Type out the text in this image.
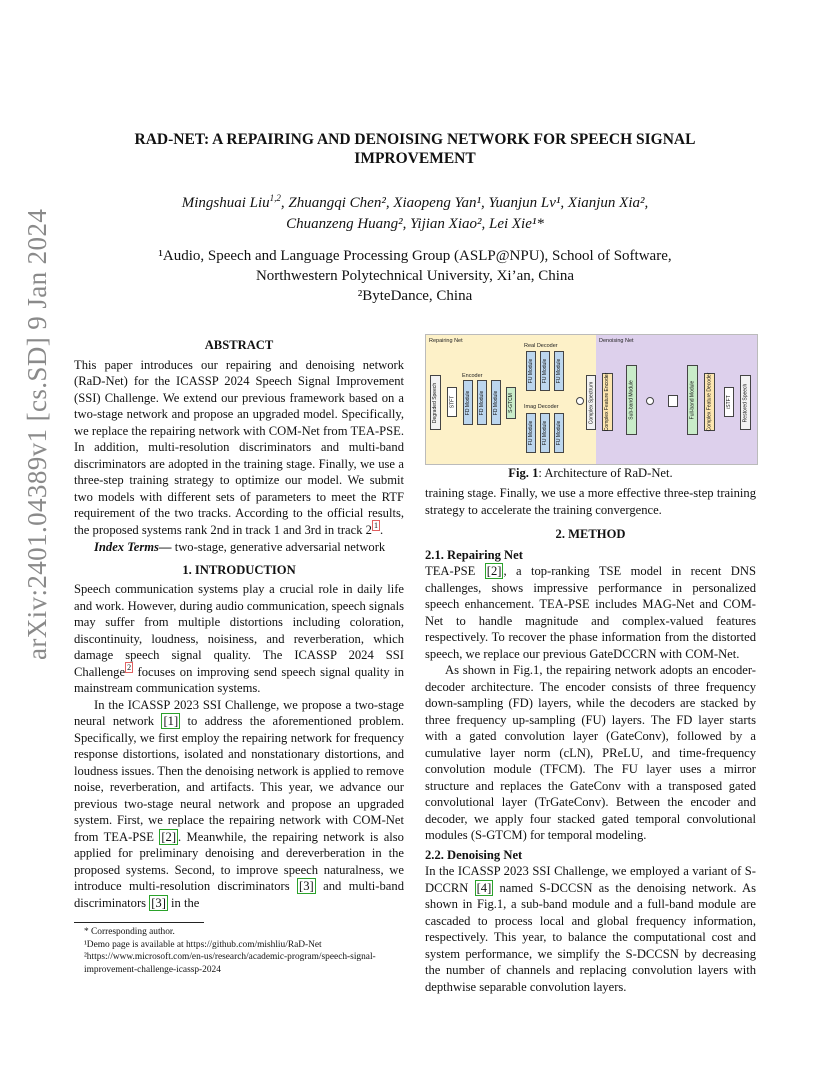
arXiv:2401.04389v1 [cs.SD] 9 Jan 2024
RAD-NET: A REPAIRING AND DENOISING NETWORK FOR SPEECH SIGNAL IMPROVEMENT
Mingshuai Liu$^{1,2}$, Zhuangqi Chen², Xiaopeng Yan¹, Yuanjun Lv¹, Xianjun Xia²,
Chuanzeng Huang², Yijian Xiao², Lei Xie¹*
¹Audio, Speech and Language Processing Group (ASLP@NPU), School of Software,
Northwestern Polytechnical University, Xi’an, China
²ByteDance, China
ABSTRACT

This paper introduces our repairing and denoising network (RaD-Net) for the ICASSP 2024 Speech Signal Improvement (SSI) Challenge. We extend our previous framework based on a two-stage network and propose an upgraded model. Specifically, we replace the repairing network with COM-Net from TEA-PSE. In addition, multi-resolution discriminators and multi-band discriminators are adopted in the training stage. Finally, we use a three-step training strategy to optimize our model. We submit two models with different sets of parameters to meet the RTF requirement of the two tracks. According to the official results, the proposed systems rank 2nd in track 1 and 3rd in track 2 $^1$ .

Index Terms— two-stage, generative adversarial network

1. INTRODUCTION

Speech communication systems play a crucial role in daily life and work. However, during audio communication, speech signals may suffer from multiple distortions including coloration, discontinuity, loudness, noisiness, and reverberation, which damage speech signal quality. The ICASSP 2024 SSI Challenge $^2$ focuses on improving send speech signal quality in mainstream communication systems.

In the ICASSP 2023 SSI Challenge, we propose a two-stage neural network [1] to address the aforementioned problem. Specifically, we first employ the repairing network for frequency response distortions, isolated and nonstationary distortions, and loudness issues. Then the denoising network is applied to remove noise, reverberation, and artifacts. This year, we advance our previous two-stage neural network and propose an upgraded system. First, we replace the repairing network with COM-Net from TEA-PSE [2] . Meanwhile, the repairing network is also applied for preliminary denoising and dereverberation in the proposed systems. Second, to improve speech naturalness, we introduce multi-resolution discriminators [3] and multi-band discriminators [3] in the

* Corresponding author.
¹Demo page is available at https://github.com/mishliu/RaD-Net
²https://www.microsoft.com/en-us/research/academic-program/speech-signal-improvement-challenge-icassp-2024
Repairing Net
Encoder
Real Decoder
Imag Decoder
Degraded Speech STFT FD Module FD Module FD Module S-GTCM
FU Module FU Module FU Module
FU Module FU Module FU Module
Complex Spectrum
Denoising Net
Complex Feature Encoder	Sub-band Module	Full-band Module Complex Feature Decoder	iSTFT Restored Speech
Fig. 1: Architecture of RaD-Net.

training stage. Finally, we use a more effective three-step training strategy to accelerate the training convergence.

2. METHOD
2.1. Repairing Net

TEA-PSE [2] , a top-ranking TSE model in recent DNS challenges, shows impressive performance in personalized speech enhancement. TEA-PSE includes MAG-Net and COM-Net to handle magnitude and complex-valued features respectively. To recover the phase information from the distorted speech, we replace our previous GateDCCRN with COM-Net.

As shown in Fig.1, the repairing network adopts an encoder-decoder architecture. The encoder consists of three frequency down-sampling (FD) layers, while the decoders are stacked by three frequency up-sampling (FU) layers. The FD layer starts with a gated convolution layer (GateConv), followed by a cumulative layer norm (cLN), PReLU, and time-frequency convolution module (TFCM). The FU layer uses a mirror structure and replaces the GateConv with a transposed gated convolutional layer (TrGateConv). Between the encoder and decoder, we apply four stacked gated temporal convolutional modules (S-GTCM) for temporal modeling.

2.2. Denoising Net

In the ICASSP 2023 SSI Challenge, we employed a variant of S-DCCRN [4] named S-DCCSN as the denoising network. As shown in Fig.1, a sub-band module and a full-band module are cascaded to process local and global frequency information, respectively. This year, to balance the computational cost and system performance, we simplify the S-DCCSN by decreasing the number of channels and replacing convolution layers with depthwise separable convolution layers.
